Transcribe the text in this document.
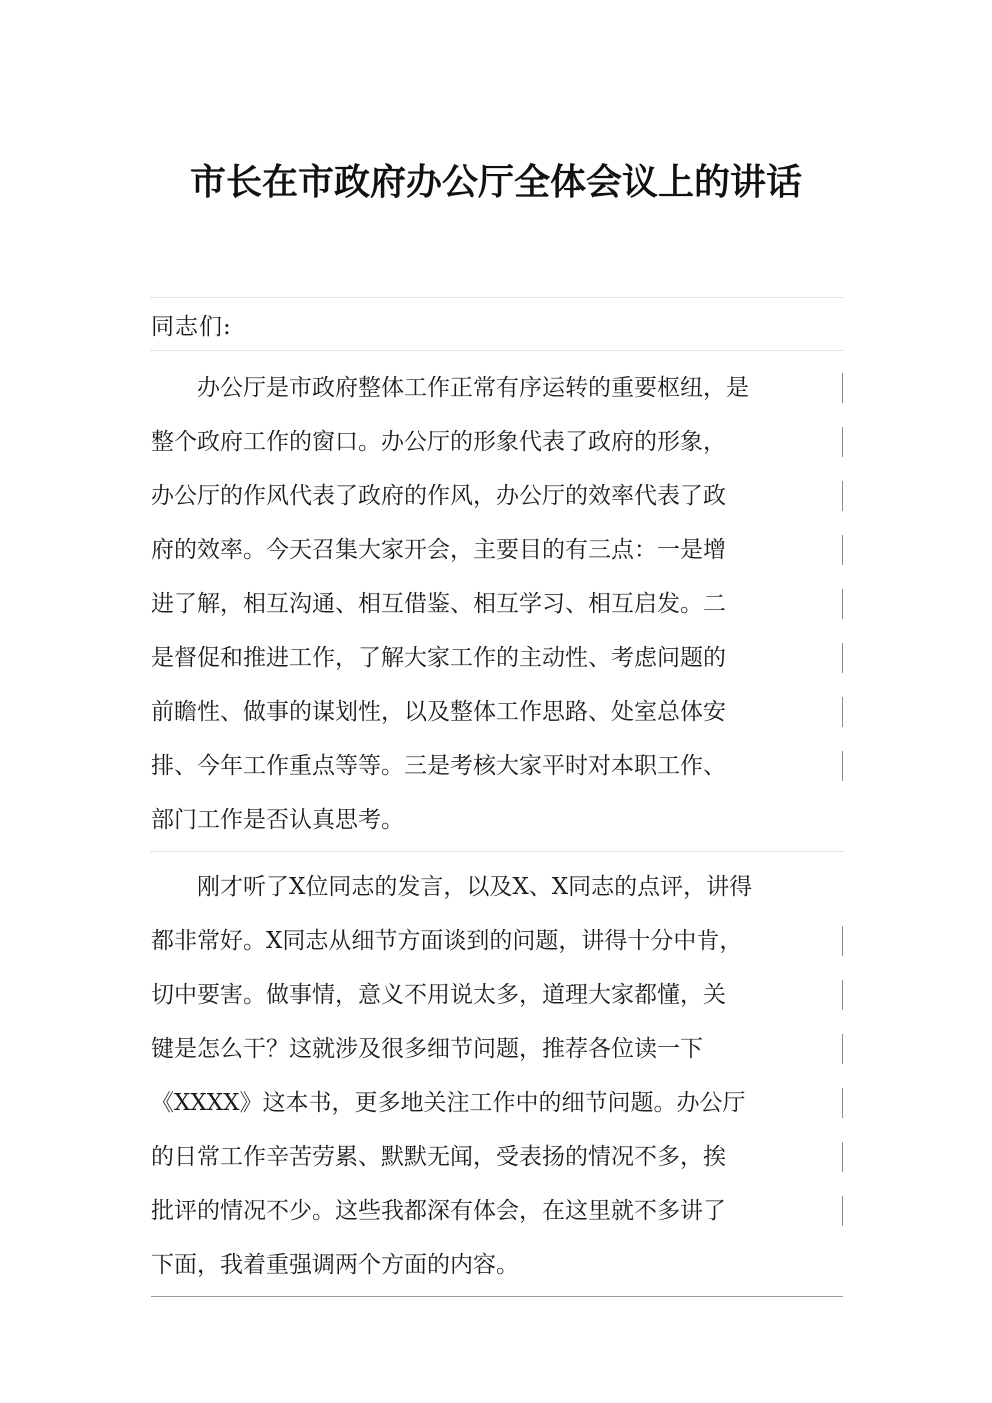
市长在市政府办公厅全体会议上的讲话
同志们:
　　办公厅是市政府整体工作正常有序运转的重要枢纽，是
整个政府工作的窗口。办公厅的形象代表了政府的形象，
办公厅的作风代表了政府的作风，办公厅的效率代表了政
府的效率。今天召集大家开会，主要目的有三点：一是增
进了解，相互沟通、相互借鉴、相互学习、相互启发。二
是督促和推进工作，了解大家工作的主动性、考虑问题的
前瞻性、做事的谋划性，以及整体工作思路、处室总体安
排、今年工作重点等等。三是考核大家平时对本职工作、
部门工作是否认真思考。
　　刚才听了X位同志的发言，以及X、X同志的点评，讲得
都非常好。X同志从细节方面谈到的问题，讲得十分中肯，
切中要害。做事情，意义不用说太多，道理大家都懂，关
键是怎么干？这就涉及很多细节问题，推荐各位读一下
《XXXX》这本书，更多地关注工作中的细节问题。办公厅
的日常工作辛苦劳累、默默无闻，受表扬的情况不多，挨
批评的情况不少。这些我都深有体会，在这里就不多讲了
下面，我着重强调两个方面的内容。
